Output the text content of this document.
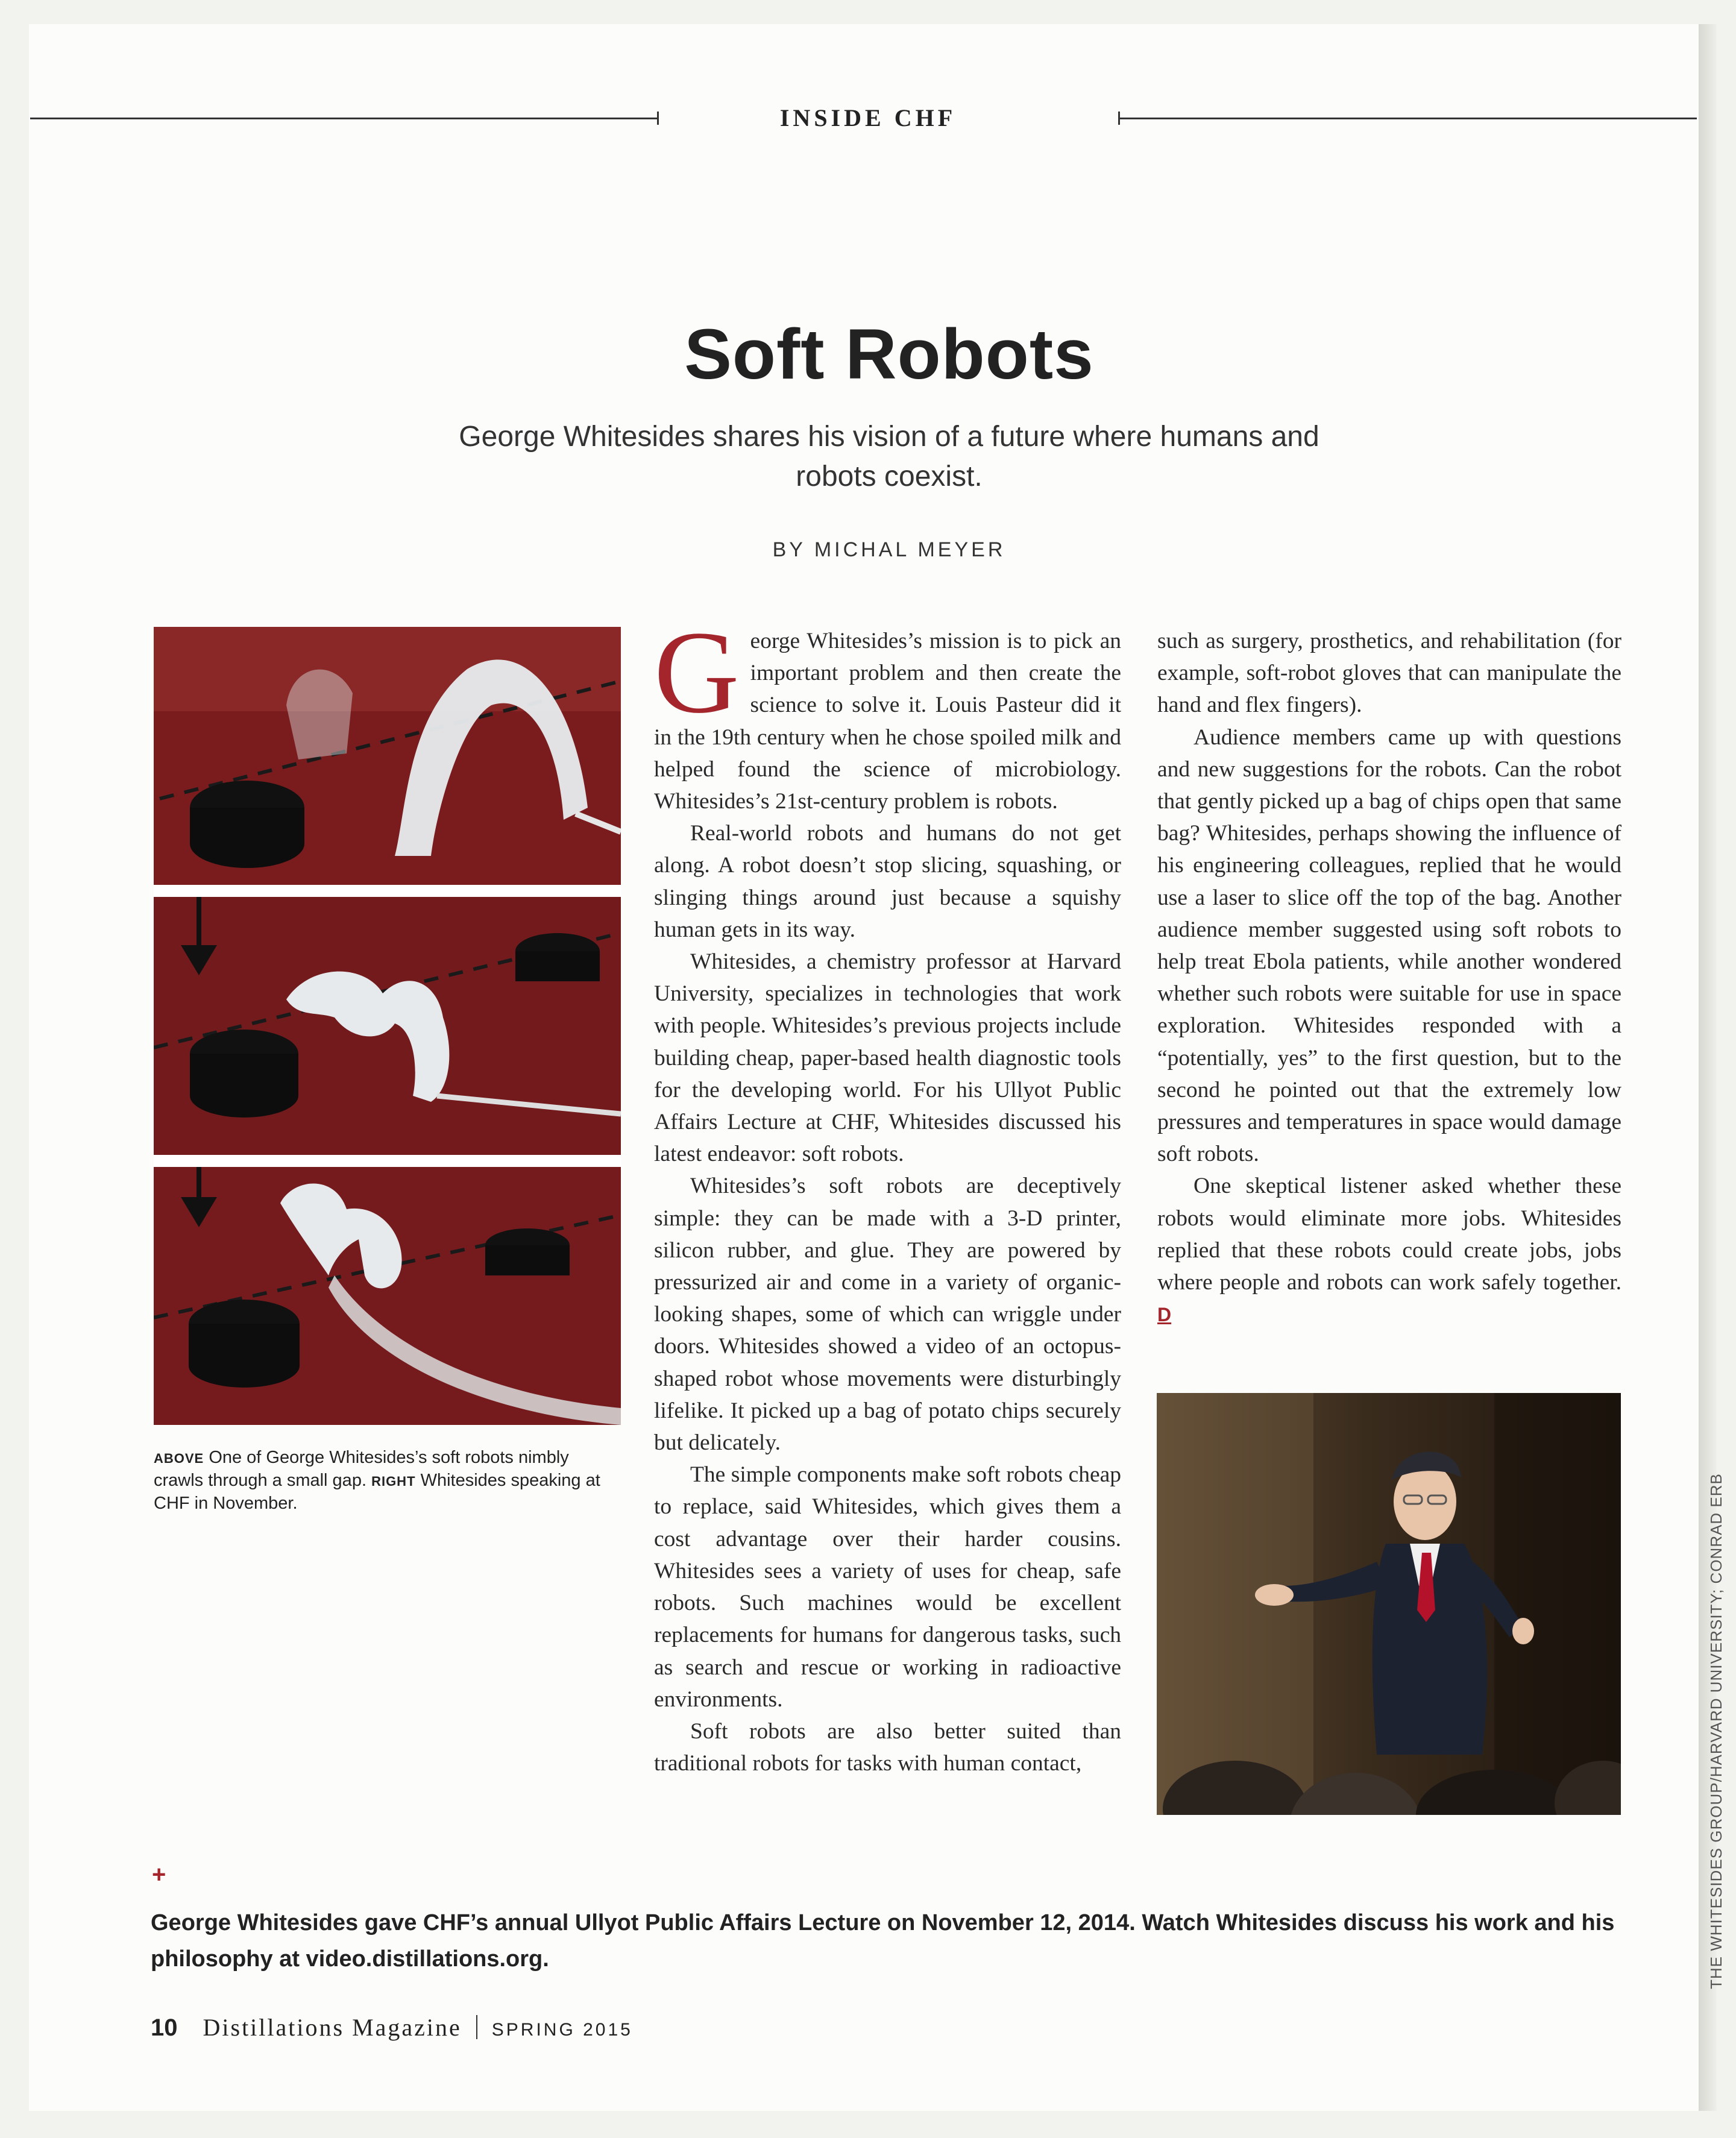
INSIDE CHF
Soft Robots
George Whitesides shares his vision of a future where humans and robots coexist.
BY MICHAL MEYER
ABOVE One of George Whitesides’s soft robots nimbly crawls through a small gap. RIGHT Whitesides speaking at CHF in November.

George Whitesides’s mission is to pick an important problem and then create the science to solve it. Louis Pasteur did it in the 19th century when he chose spoiled milk and helped found the science of microbiology. Whitesides’s 21st-century problem is robots.

Real-world robots and humans do not get along. A robot doesn’t stop slicing, squashing, or slinging things around just because a squishy human gets in its way.

Whitesides, a chemistry professor at Harvard University, specializes in technologies that work with people. Whitesides’s previous projects include building cheap, paper-based health diagnostic tools for the developing world. For his Ullyot Public Affairs Lecture at CHF, Whitesides discussed his latest endeavor: soft robots.

Whitesides’s soft robots are deceptively simple: they can be made with a 3-D printer, silicon rubber, and glue. They are powered by pressurized air and come in a variety of organic-looking shapes, some of which can wriggle under doors. Whitesides showed a video of an octopus-shaped robot whose movements were disturbingly lifelike. It picked up a bag of potato chips securely but delicately.

The simple components make soft robots cheap to replace, said Whitesides, which gives them a cost advantage over their harder cousins. Whitesides sees a variety of uses for cheap, safe robots. Such machines would be excellent replacements for humans for dangerous tasks, such as search and rescue or working in radioactive environments.

Soft robots are also better suited than traditional robots for tasks with human contact,

such as surgery, prosthetics, and rehabilitation (for example, soft-robot gloves that can manipulate the hand and flex fingers).

Audience members came up with questions and new suggestions for the robots. Can the robot that gently picked up a bag of chips open that same bag? Whitesides, perhaps showing the influence of his engineering colleagues, replied that he would use a laser to slice off the top of the bag. Another audience member suggested using soft robots to help treat Ebola patients, while another wondered whether such robots were suitable for use in space exploration. Whitesides responded with a “potentially, yes” to the first question, but to the second he pointed out that the extremely low pressures and temperatures in space would damage soft robots.

One skeptical listener asked whether these robots would eliminate more jobs. Whitesides replied that these robots could create jobs, jobs where people and robots can work safely together. D

THE WHITESIDES GROUP/HARVARD UNIVERSITY; CONRAD ERB
+
George Whitesides gave CHF’s annual Ullyot Public Affairs Lecture on November 12, 2014. Watch Whitesides discuss his work and his philosophy at video.distillations.org.
10 Distillations Magazine SPRING 2015
